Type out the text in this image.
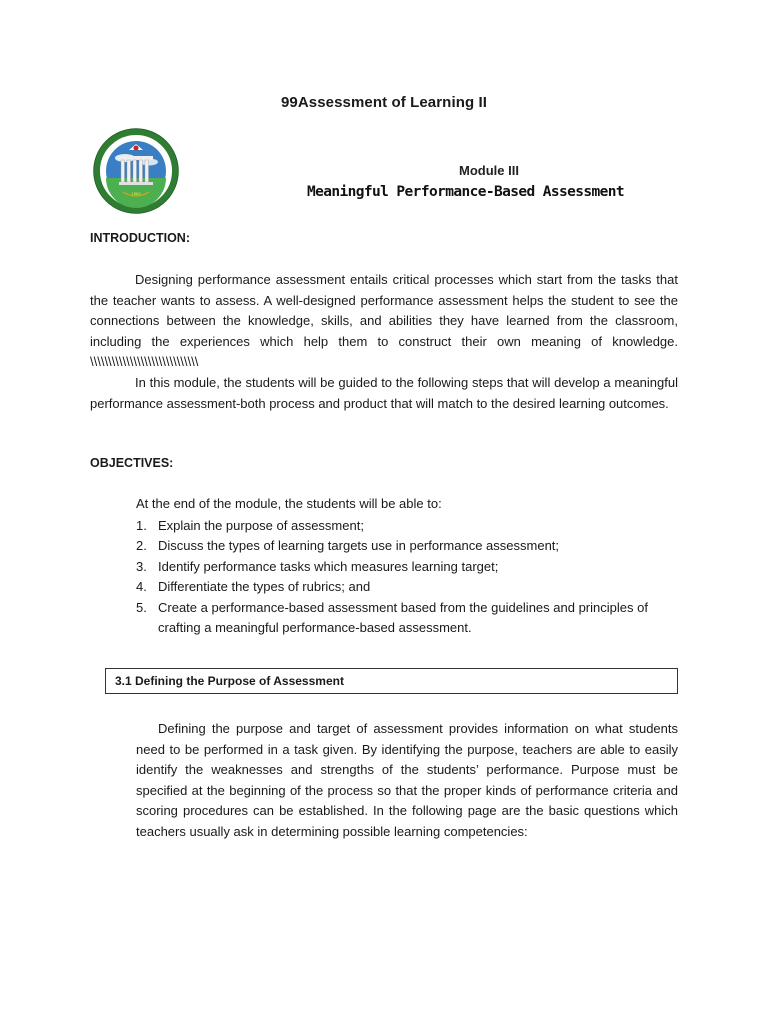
99Assessment of Learning II
1963
Module III
Meaningful Performance-Based Assessment
INTRODUCTION:
Designing performance assessment entails critical processes which start from the tasks that the teacher wants to assess. A well-designed performance assessment helps the student to see the connections between the knowledge, skills, and abilities they have learned from the classroom, including the experiences which help them to construct their own meaning of knowledge. \\\\\\\\\\\\\\\\\\\\\\\\\\\\\\
In this module, the students will be guided to the following steps that will develop a meaningful performance assessment-both process and product that will match to the desired learning outcomes.
OBJECTIVES:
At the end of the module, the students will be able to:
1. Explain the purpose of assessment;
2. Discuss the types of learning targets use in performance assessment;
3. Identify performance tasks which measures learning target;
4. Differentiate the types of rubrics; and
5. Create a performance-based assessment based from the guidelines and principles of crafting a meaningful performance-based assessment.
3.1 Defining the Purpose of Assessment
Defining the purpose and target of assessment provides information on what students need to be performed in a task given. By identifying the purpose, teachers are able to easily identify the weaknesses and strengths of the students’ performance. Purpose must be specified at the beginning of the process so that the proper kinds of performance criteria and scoring procedures can be established. In the following page are the basic questions which teachers usually ask in determining possible learning competencies:
